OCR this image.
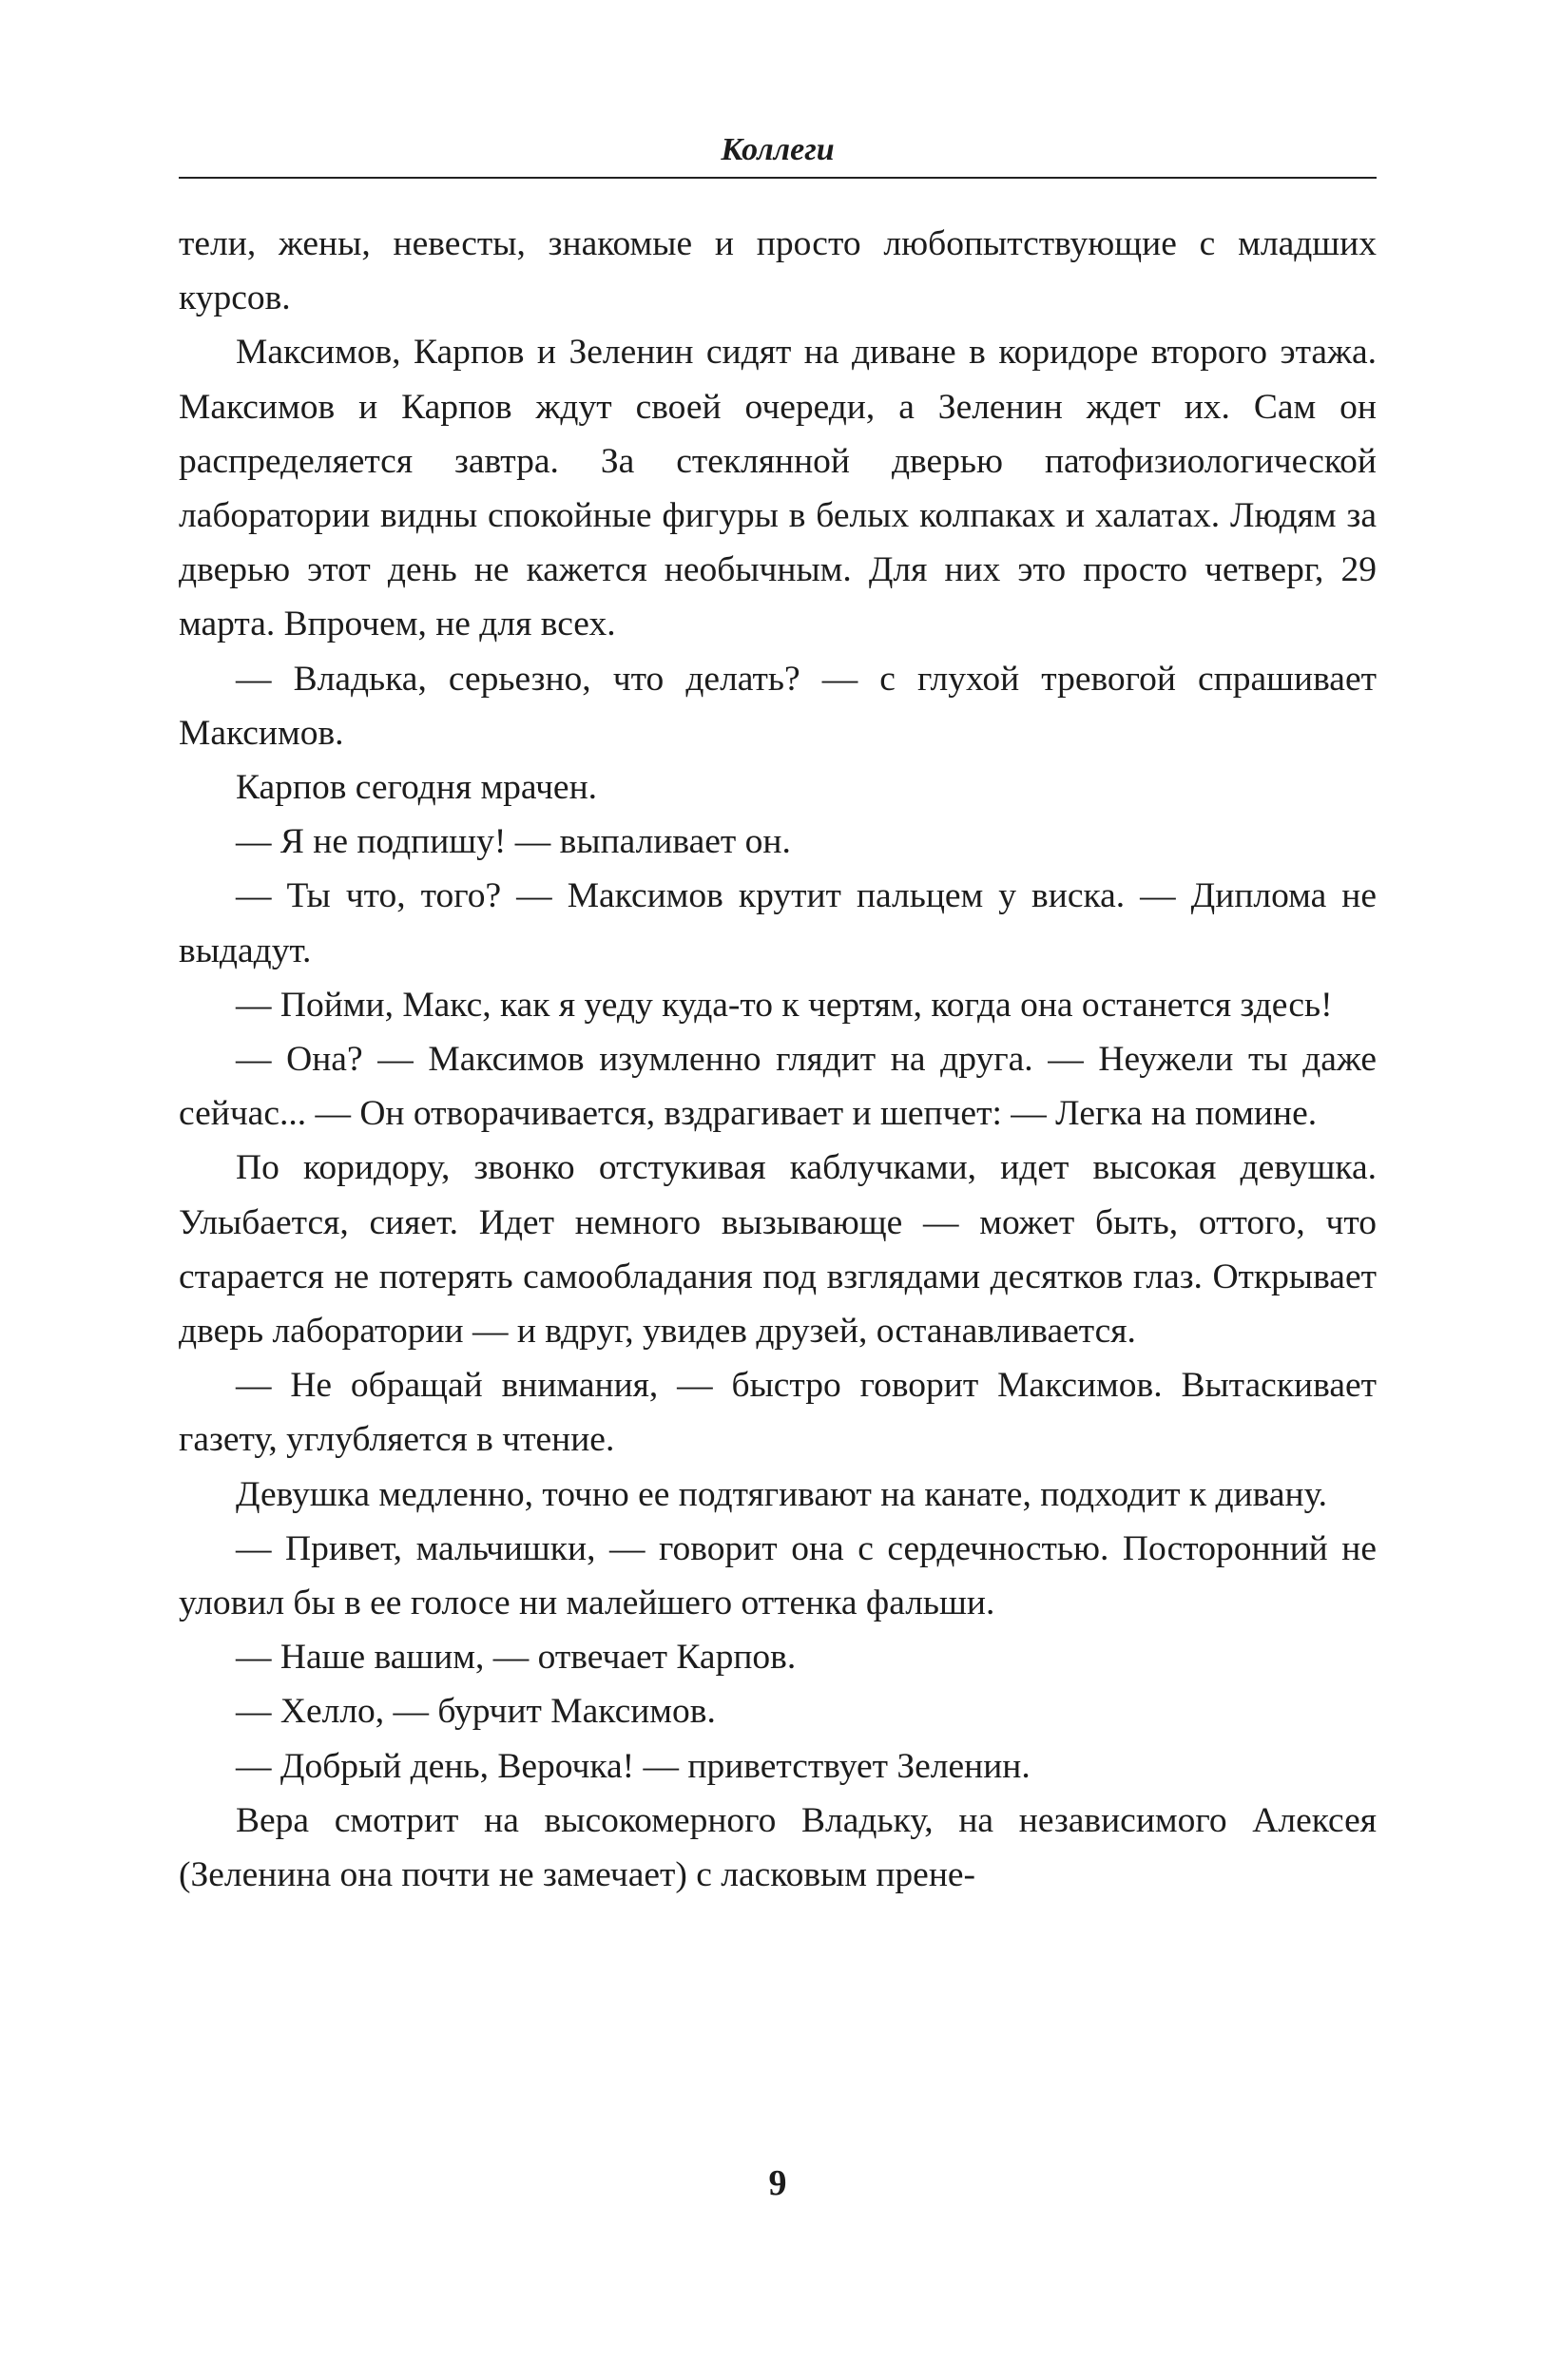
Коллеги

тели, жены, невесты, знакомые и просто любопытствующие с младших курсов.

Максимов, Карпов и Зеленин сидят на диване в коридоре второго этажа. Максимов и Карпов ждут своей очереди, а Зеленин ждет их. Сам он распределяется завтра. За стеклянной дверью патофизиологической лаборатории видны спокойные фигуры в белых колпаках и халатах. Людям за дверью этот день не кажется необычным. Для них это просто четверг, 29 марта. Впрочем, не для всех.

— Владька, серьезно, что делать? — с глухой тревогой спрашивает Максимов.

Карпов сегодня мрачен.

— Я не подпишу! — выпаливает он.

— Ты что, того? — Максимов крутит пальцем у виска. — Диплома не выдадут.

— Пойми, Макс, как я уеду куда-то к чертям, когда она останется здесь!

— Она? — Максимов изумленно глядит на друга. — Неужели ты даже сейчас... — Он отворачивается, вздрагивает и шепчет: — Легка на помине.

По коридору, звонко отстукивая каблучками, идет высокая девушка. Улыбается, сияет. Идет немного вызывающе — может быть, оттого, что старается не потерять самообладания под взглядами десятков глаз. Открывает дверь лаборатории — и вдруг, увидев друзей, останавливается.

— Не обращай внимания, — быстро говорит Максимов. Вытаскивает газету, углубляется в чтение.

Девушка медленно, точно ее подтягивают на канате, подходит к дивану.

— Привет, мальчишки, — говорит она с сердечностью. Посторонний не уловил бы в ее голосе ни малейшего оттенка фальши.

— Наше вашим, — отвечает Карпов.

— Хелло, — бурчит Максимов.

— Добрый день, Верочка! — приветствует Зеленин.

Вера смотрит на высокомерного Владьку, на независимого Алексея (Зеленина она почти не замечает) с ласковым прене-

9
